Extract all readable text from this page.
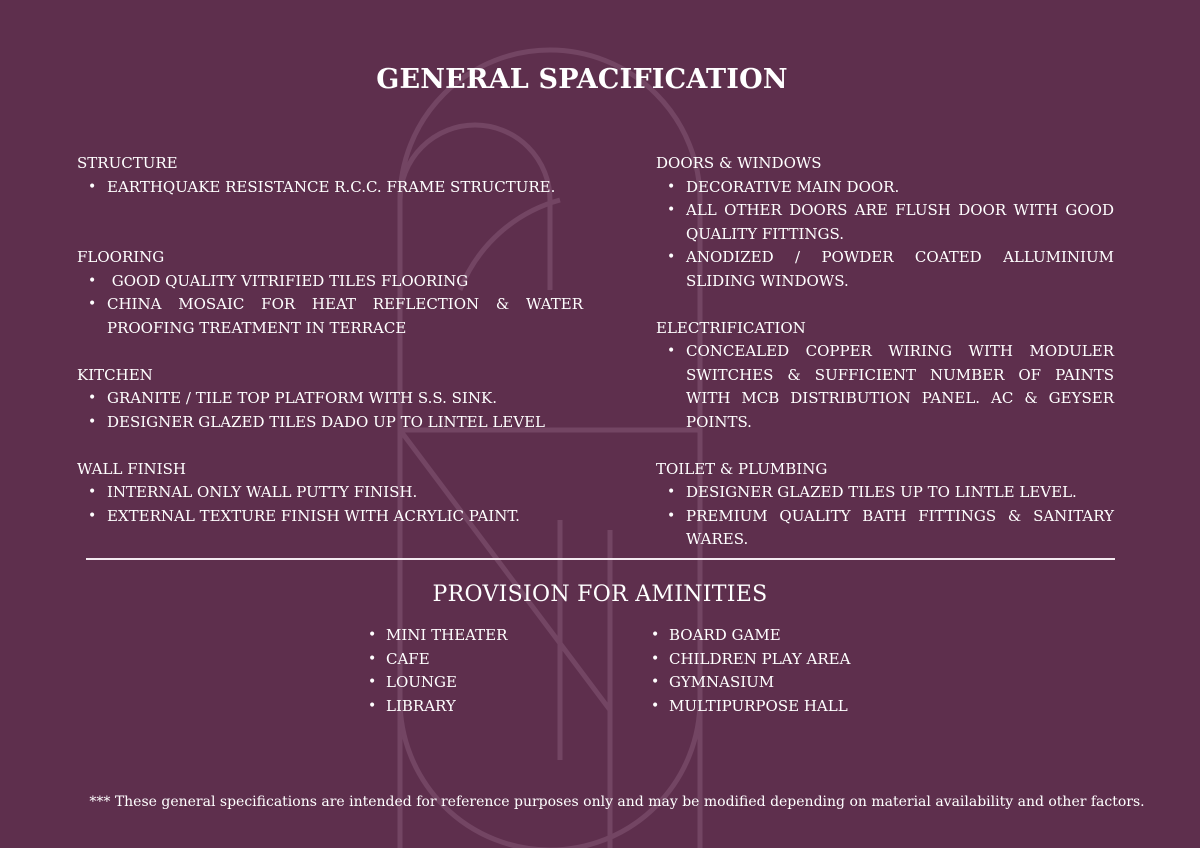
GENERAL SPACIFICATION
STRUCTURE
• EARTHQUAKE RESISTANCE R.C.C. FRAME STRUCTURE.
FLOORING
•  GOOD QUALITY VITRIFIED TILES FLOORING
• CHINA MOSAIC FOR HEAT REFLECTION & WATER PROOFING TREATMENT IN TERRACE
KITCHEN
• GRANITE / TILE TOP PLATFORM WITH S.S. SINK.
• DESIGNER GLAZED TILES DADO UP TO LINTEL LEVEL
WALL FINISH
• INTERNAL ONLY WALL PUTTY FINISH.
• EXTERNAL TEXTURE FINISH WITH ACRYLIC PAINT.
DOORS & WINDOWS
• DECORATIVE MAIN DOOR.
• ALL OTHER DOORS ARE FLUSH DOOR WITH GOOD QUALITY FITTINGS.
• ANODIZED / POWDER COATED ALLUMINIUM SLIDING WINDOWS.
ELECTRIFICATION
• CONCEALED COPPER WIRING WITH MODULER SWITCHES & SUFFICIENT NUMBER OF PAINTS WITH MCB DISTRIBUTION PANEL. AC & GEYSER POINTS.
TOILET & PLUMBING
• DESIGNER GLAZED TILES UP TO LINTLE LEVEL.
• PREMIUM QUALITY BATH FITTINGS & SANITARY WARES.
PROVISION FOR AMINITIES
• MINI THEATER
• CAFE
• LOUNGE
• LIBRARY
• BOARD GAME
• CHILDREN PLAY AREA
• GYMNASIUM
• MULTIPURPOSE HALL
*** These general specifications are intended for reference purposes only and may be modified depending on material availability and other factors.
